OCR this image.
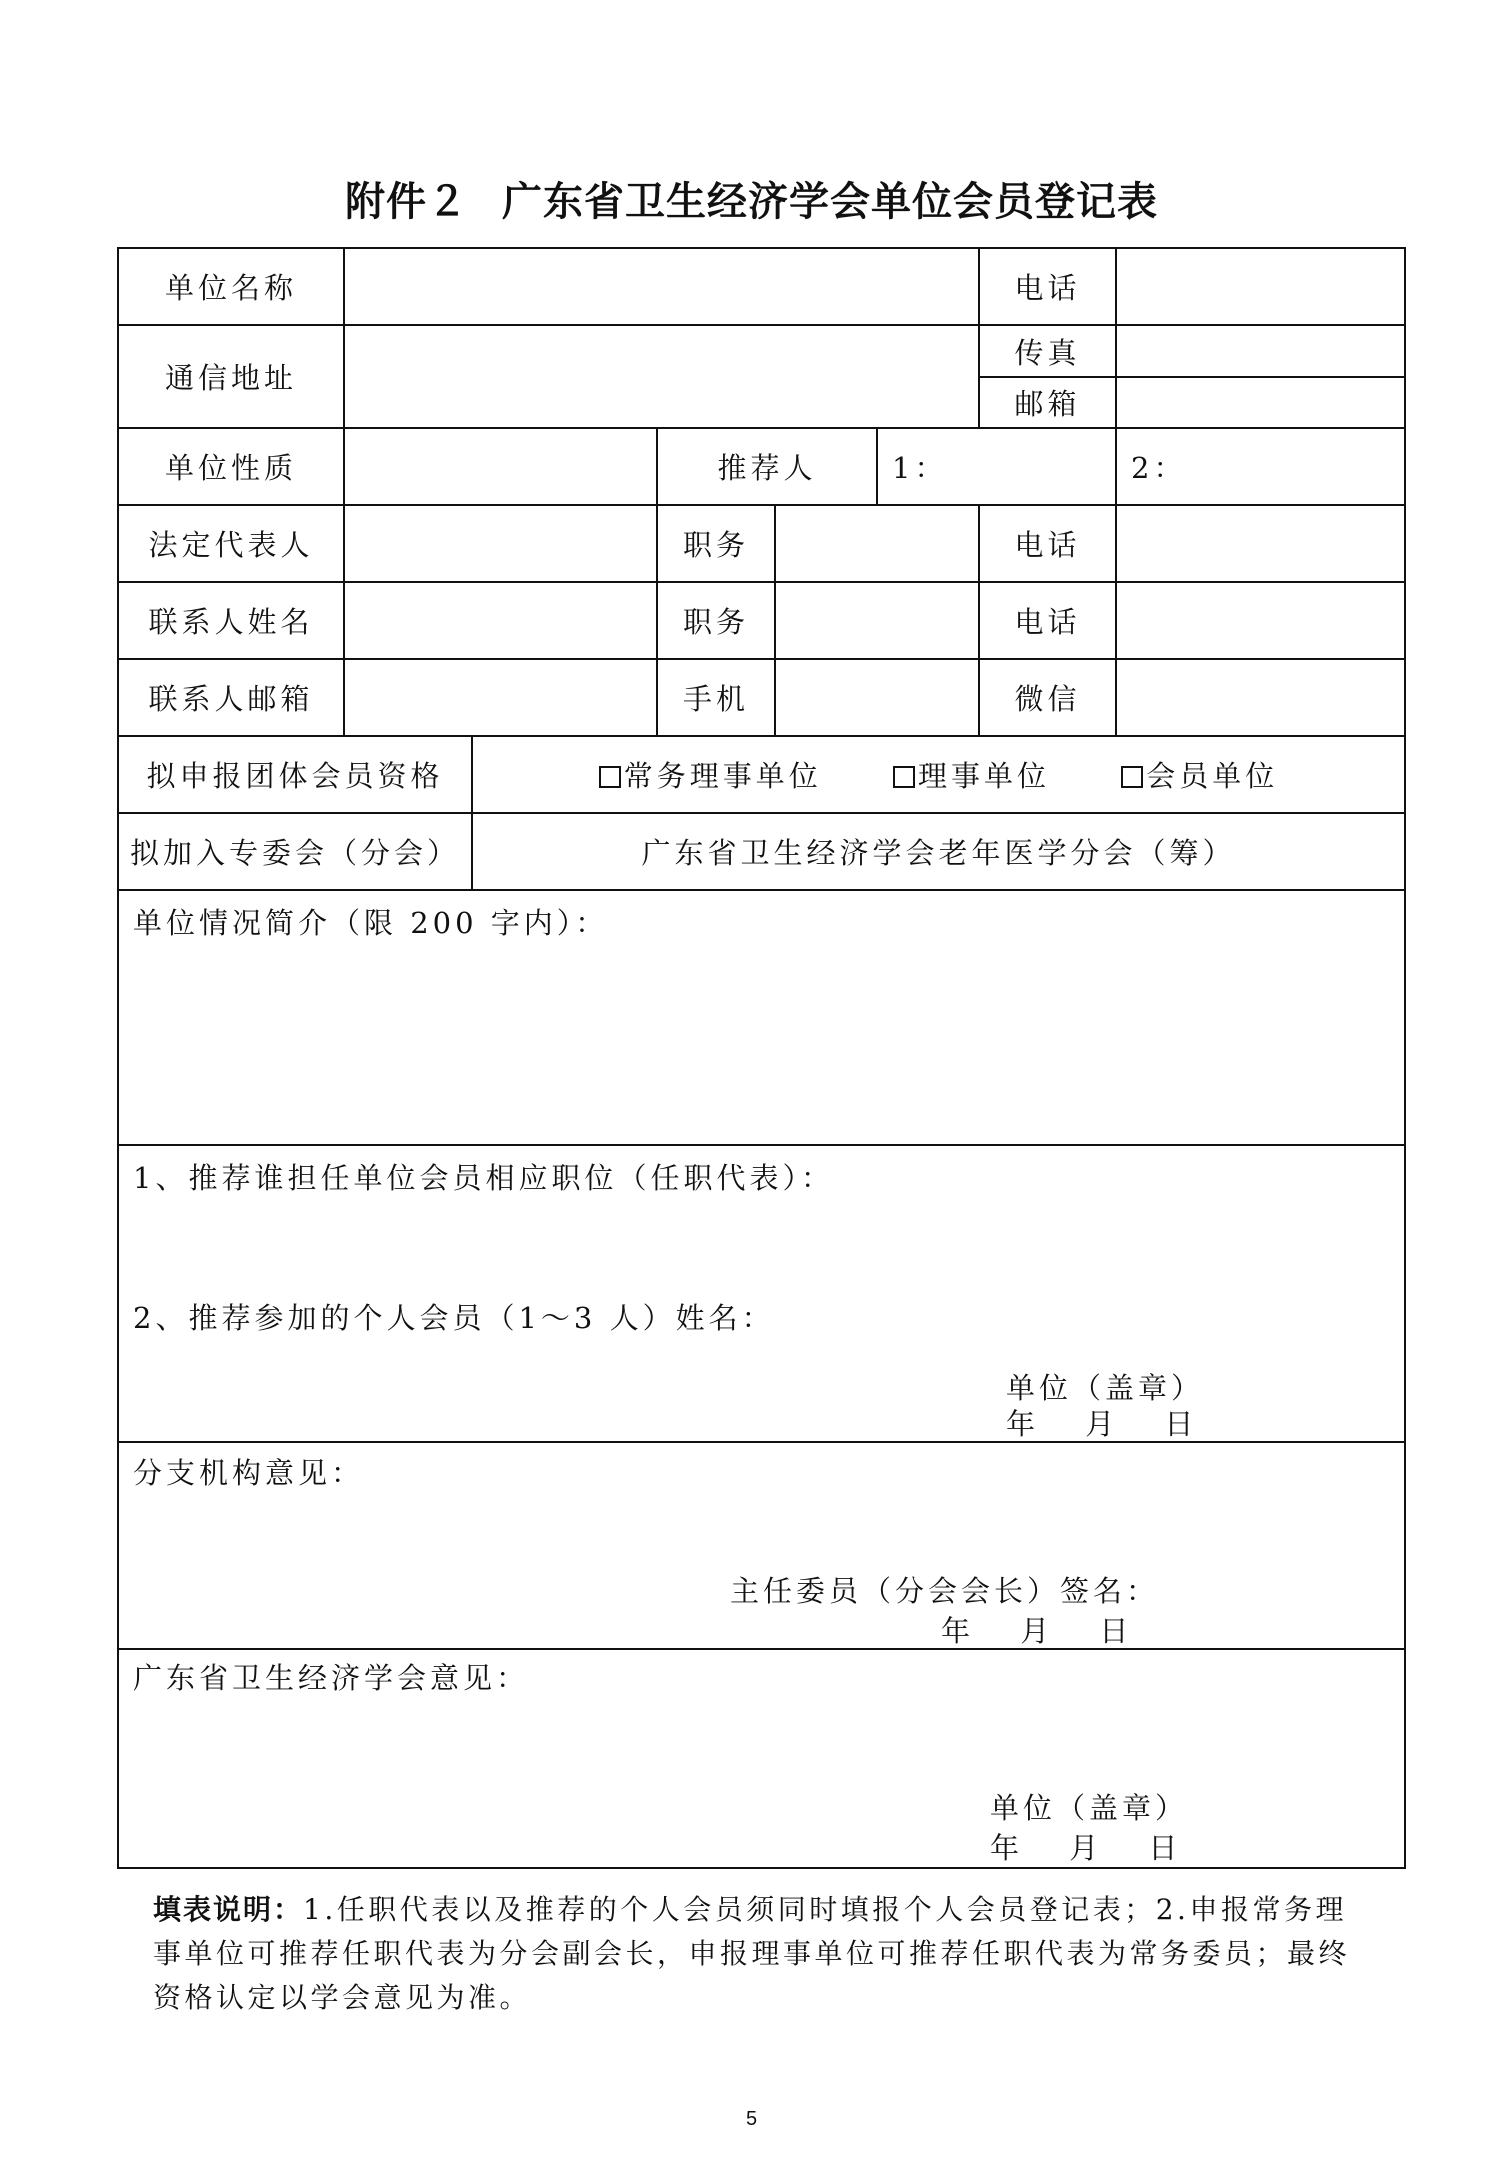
附件２ 广东省卫生经济学会单位会员登记表
单位名称						电话	
通信地址						传真	
						邮箱	
单位性质			推荐人		1：		2：
法定代表人			职务			电话	
联系人姓名			职务			电话	
联系人邮箱			手机			微信	
拟申报团体会员资格		常务理事单位 理事单位 会员单位					
拟加入专委会（分会）		广东省卫生经济学会老年医学分会（筹）					

单位情况简介（限 200 字内）：							

1、推荐谁担任单位会员相应职位（任职代表）：
2、推荐参加的个人会员（1～3 人）姓名：
单位（盖章）
年　 月　 日							

分支机构意见：
主任委员（分会会长）签名：
年　 月　 日							

广东省卫生经济学会意见：
单位（盖章）
年　 月　 日							
填表说明：1.任职代表以及推荐的个人会员须同时填报个人会员登记表；2.申报常务理事单位可推荐任职代表为分会副会长，申报理事单位可推荐任职代表为常务委员；最终资格认定以学会意见为准。
5
